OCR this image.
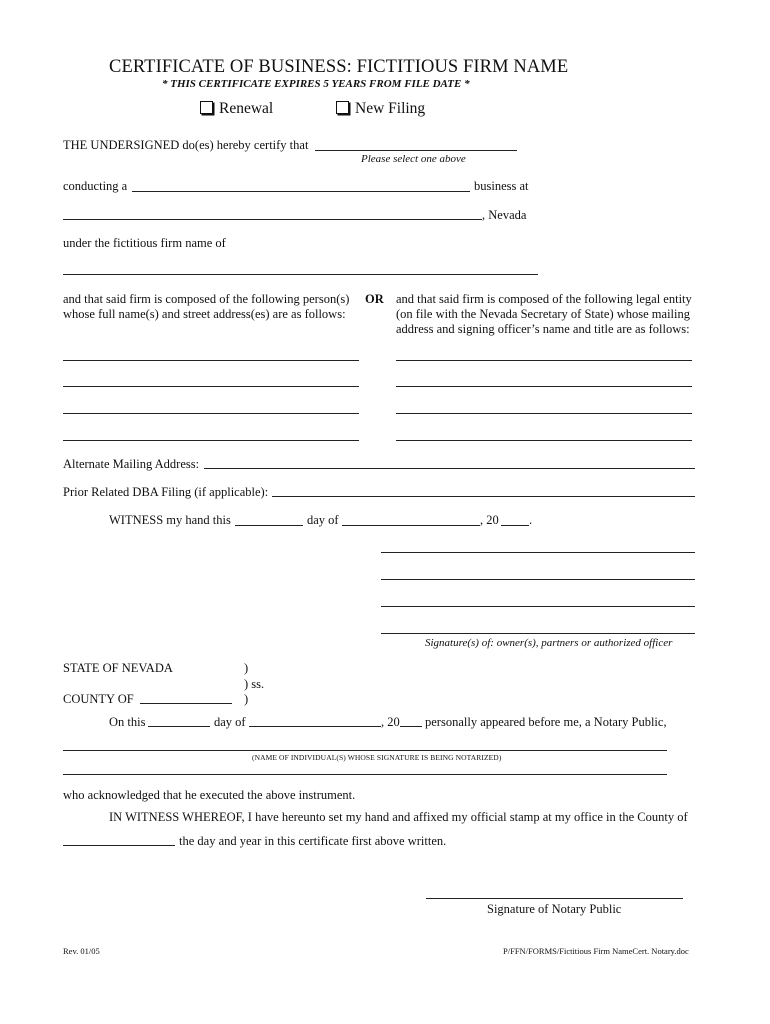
CERTIFICATE OF BUSINESS: FICTITIOUS FIRM NAME
* THIS CERTIFICATE EXPIRES 5 YEARS FROM FILE DATE *
Renewal	New Filing
THE UNDERSIGNED do(es) hereby certify that
Please select one above
conducting a	business at
, Nevada
under the fictitious firm name of
and that said firm is composed of the following person(s)
whose full name(s) and street address(es) are as follows:
OR and that said firm is composed of the following legal entity
(on file with the Nevada Secretary of State) whose mailing
address and signing officer’s name and title are as follows:
Alternate Mailing Address:
Prior Related DBA Filing (if applicable):
WITNESS my hand this	day of	, 20 .
Signature(s) of: owner(s), partners or authorized officer
STATE OF NEVADA	)
) ss.
COUNTY OF	)
On this	day of	, 20 personally appeared before me, a Notary Public,
(NAME OF INDIVIDUAL(S) WHOSE SIGNATURE IS BEING NOTARIZED)
who acknowledged that he executed the above instrument.
IN WITNESS WHEREOF, I have hereunto set my hand and affixed my official stamp at my office in the County of
the day and year in this certificate first above written.
Signature of Notary Public
Rev. 01/05	P/FFN/FORMS/Fictitious Firm NameCert. Notary.doc
